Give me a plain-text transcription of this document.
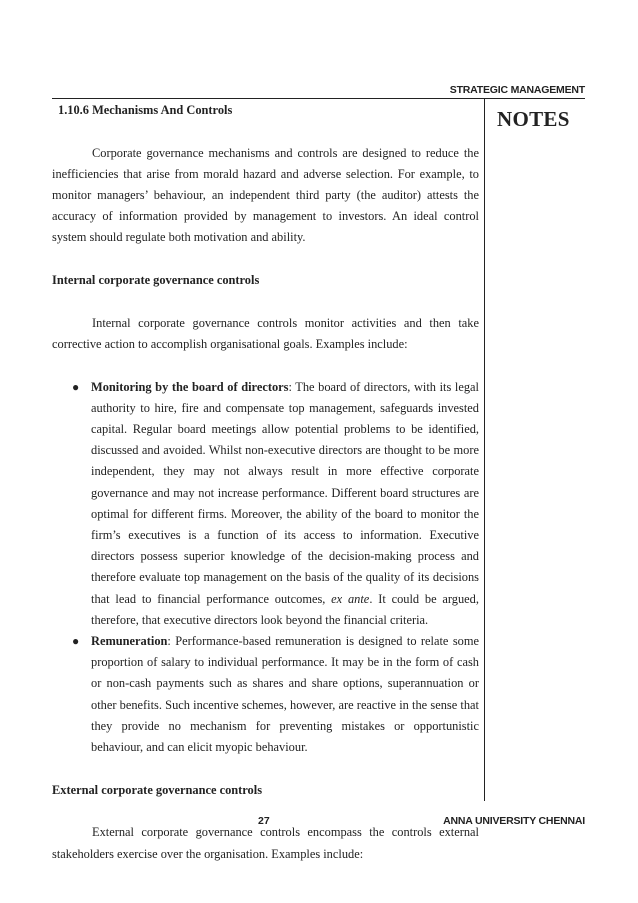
STRATEGIC MANAGEMENT
NOTES
1.10.6 Mechanisms And Controls

Corporate governance mechanisms and controls are designed to reduce the inefficiencies that arise from morald hazard and adverse selection. For example, to monitor managers’ behaviour, an independent third party (the auditor) attests the accuracy of information provided by management to investors. An ideal control system should regulate both motivation and ability.

Internal corporate governance controls

Internal corporate governance controls monitor activities and then take corrective action to accomplish organisational goals. Examples include:

● Monitoring by the board of directors: The board of directors, with its legal authority to hire, fire and compensate top management, safeguards invested capital. Regular board meetings allow potential problems to be identified, discussed and avoided. Whilst non-executive directors are thought to be more independent, they may not always result in more effective corporate governance and may not increase performance. Different board structures are optimal for different firms. Moreover, the ability of the board to monitor the firm’s executives is a function of its access to information. Executive directors possess superior knowledge of the decision-making process and therefore evaluate top management on the basis of the quality of its decisions that lead to financial performance outcomes, ex ante. It could be argued, therefore, that executive directors look beyond the financial criteria.
● Remuneration: Performance-based remuneration is designed to relate some proportion of salary to individual performance. It may be in the form of cash or non-cash payments such as shares and share options, superannuation or other benefits. Such incentive schemes, however, are reactive in the sense that they provide no mechanism for preventing mistakes or opportunistic behaviour, and can elicit myopic behaviour.

External corporate governance controls

External corporate governance controls encompass the controls external stakeholders exercise over the organisation. Examples include:

27	ANNA UNIVERSITY CHENNAI
